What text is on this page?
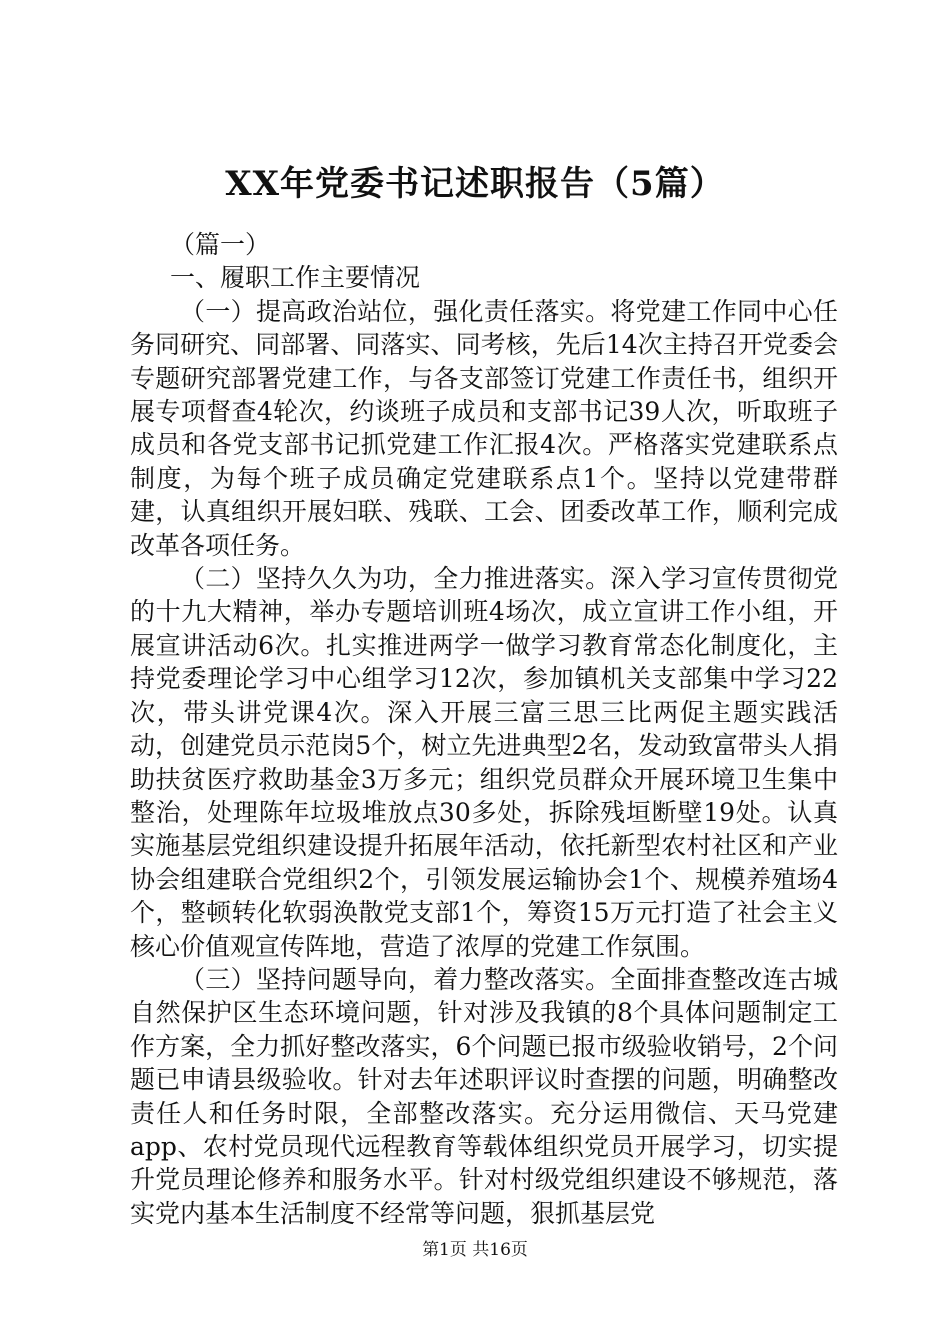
XX年党委书记述职报告（5篇）

（篇一）

一、履职工作主要情况

（一）提高政治站位，强化责任落实。将党建工作同中心任务同研究、同部署、同落实、同考核，先后14次主持召开党委会专题研究部署党建工作，与各支部签订党建工作责任书，组织开展专项督查4轮次，约谈班子成员和支部书记39人次，听取班子成员和各党支部书记抓党建工作汇报4次。严格落实党建联系点制度，为每个班子成员确定党建联系点1个。坚持以党建带群建，认真组织开展妇联、残联、工会、团委改革工作，顺利完成改革各项任务。

（二）坚持久久为功，全力推进落实。深入学习宣传贯彻党的十九大精神，举办专题培训班4场次，成立宣讲工作小组，开展宣讲活动6次。扎实推进两学一做学习教育常态化制度化，主持党委理论学习中心组学习12次，参加镇机关支部集中学习22次，带头讲党课4次。深入开展三富三思三比两促主题实践活动，创建党员示范岗5个，树立先进典型2名，发动致富带头人捐助扶贫医疗救助基金3万多元；组织党员群众开展环境卫生集中整治，处理陈年垃圾堆放点30多处，拆除残垣断壁19处。认真实施基层党组织建设提升拓展年活动，依托新型农村社区和产业协会组建联合党组织2个，引领发展运输协会1个、规模养殖场4个，整顿转化软弱涣散党支部1个，筹资15万元打造了社会主义核心价值观宣传阵地，营造了浓厚的党建工作氛围。

（三）坚持问题导向，着力整改落实。全面排查整改连古城自然保护区生态环境问题，针对涉及我镇的8个具体问题制定工作方案，全力抓好整改落实，6个问题已报市级验收销号，2个问题已申请县级验收。针对去年述职评议时查摆的问题，明确整改责任人和任务时限，全部整改落实。充分运用微信、天马党建app、农村党员现代远程教育等载体组织党员开展学习，切实提升党员理论修养和服务水平。针对村级党组织建设不够规范，落实党内基本生活制度不经常等问题，狠抓基层党

第1页 共16页
